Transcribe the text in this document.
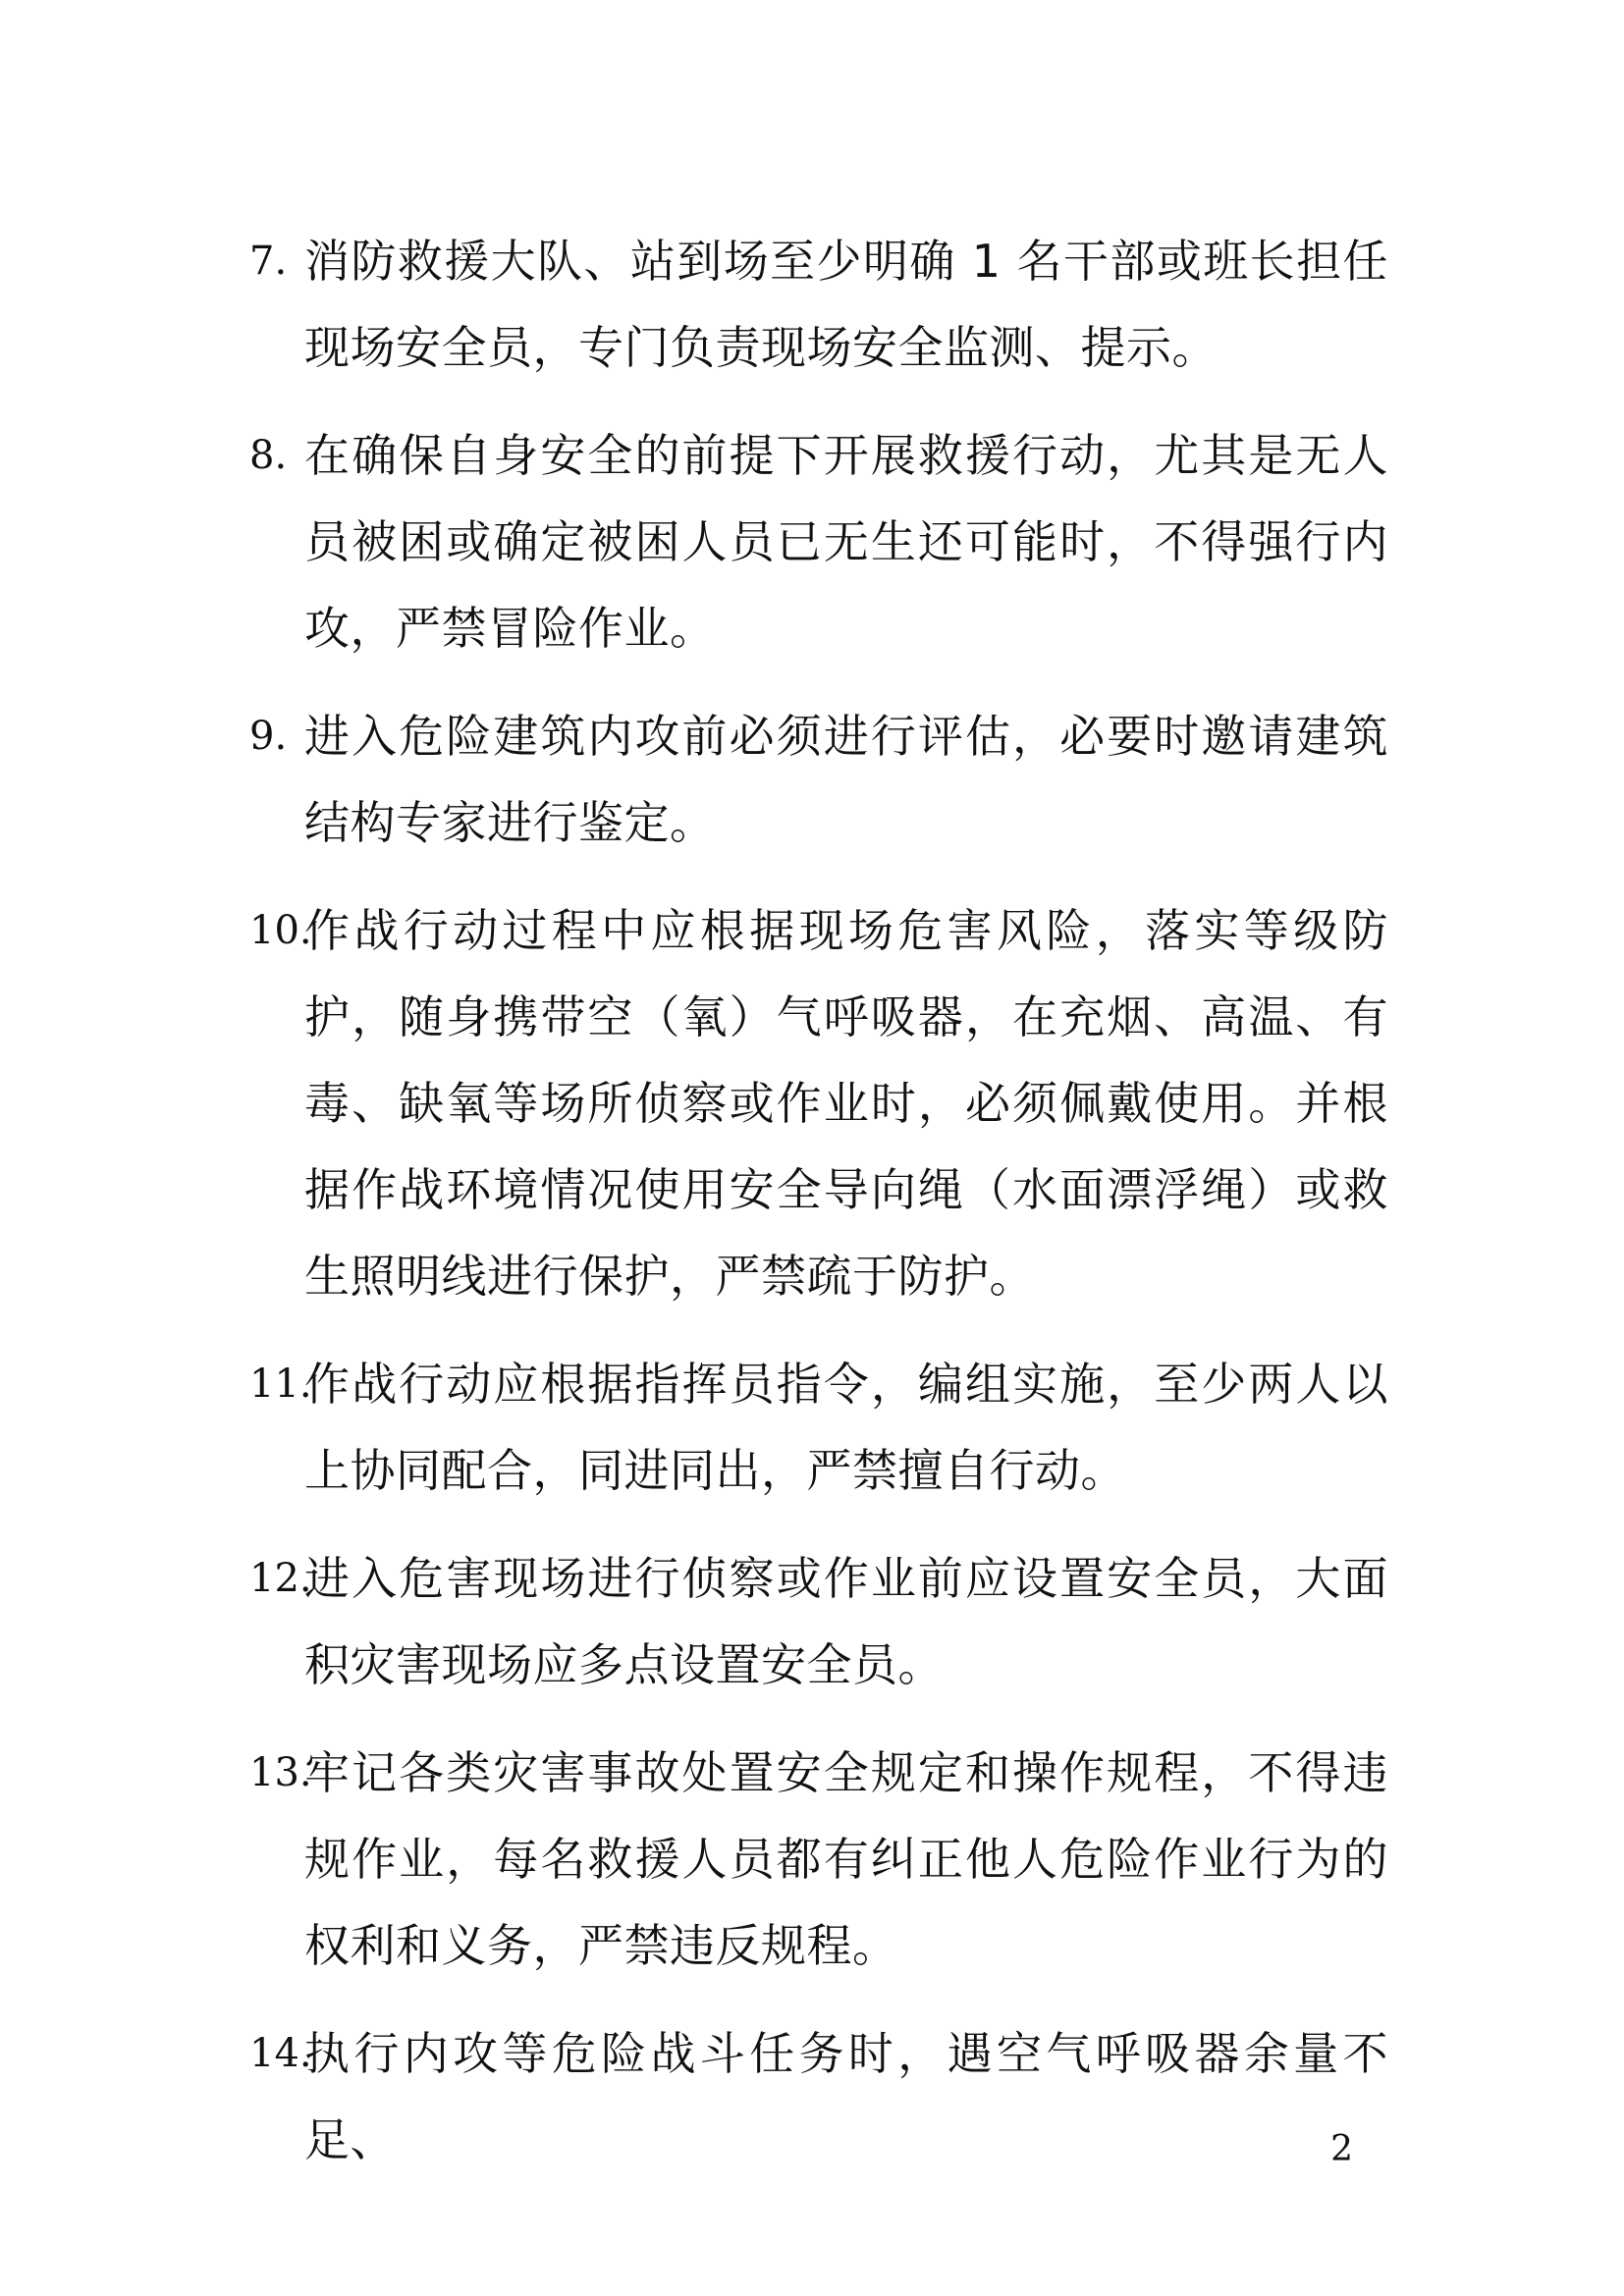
7. 消防救援大队、站到场至少明确 1 名干部或班长担任现场安全员，专门负责现场安全监测、提示。
8. 在确保自身安全的前提下开展救援行动，尤其是无人员被困或确定被困人员已无生还可能时，不得强行内攻，严禁冒险作业。
9. 进入危险建筑内攻前必须进行评估，必要时邀请建筑结构专家进行鉴定。
10.
作战行动过程中应根据现场危害风险，落实等级防护，随身携带空（氧）气呼吸器，在充烟、高温、有毒、缺氧等场所侦察或作业时，必须佩戴使用。并根据作战环境情况使用安全导向绳（水面漂浮绳）或救生照明线进行保护，严禁疏于防护。
11.
作战行动应根据指挥员指令，编组实施，至少两人以上协同配合，同进同出，严禁擅自行动。
12.
进入危害现场进行侦察或作业前应设置安全员，大面积灾害现场应多点设置安全员。
13.
牢记各类灾害事故处置安全规定和操作规程，不得违规作业，每名救援人员都有纠正他人危险作业行为的权利和义务，严禁违反规程。
14.
执行内攻等危险战斗任务时，遇空气呼吸器余量不足、	2
